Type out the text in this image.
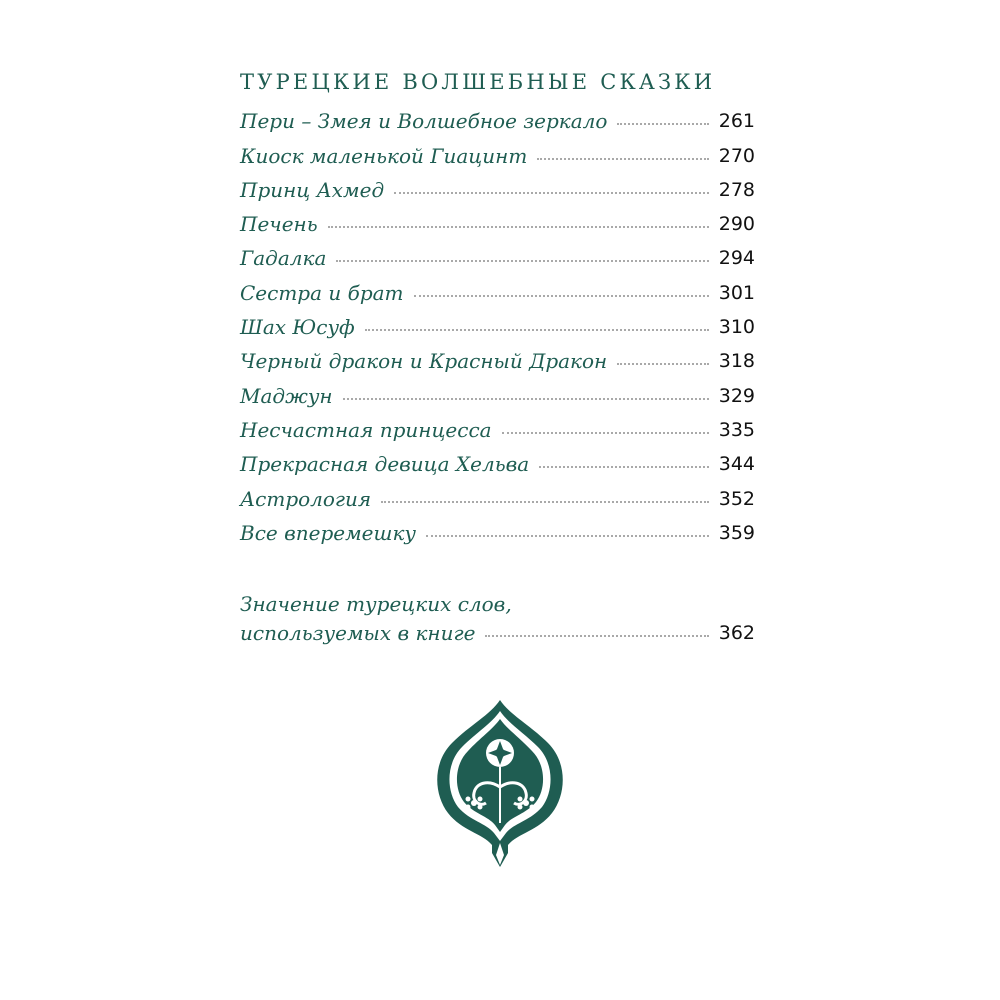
ТУРЕЦКИЕ ВОЛШЕБНЫЕ СКАЗКИ
Пери – Змея и Волшебное зеркало	261
Киоск маленькой Гиацинт	270
Принц Ахмед	278
Печень	290
Гадалка	294
Сестра и брат	301
Шах Юсуф	310
Черный дракон и Красный Дракон	318
Маджун	329
Несчастная принцесса	335
Прекрасная девица Хельва	344
Астрология	352
Все вперемешку	359
Значение турецких слов,
используемых в книге	362
